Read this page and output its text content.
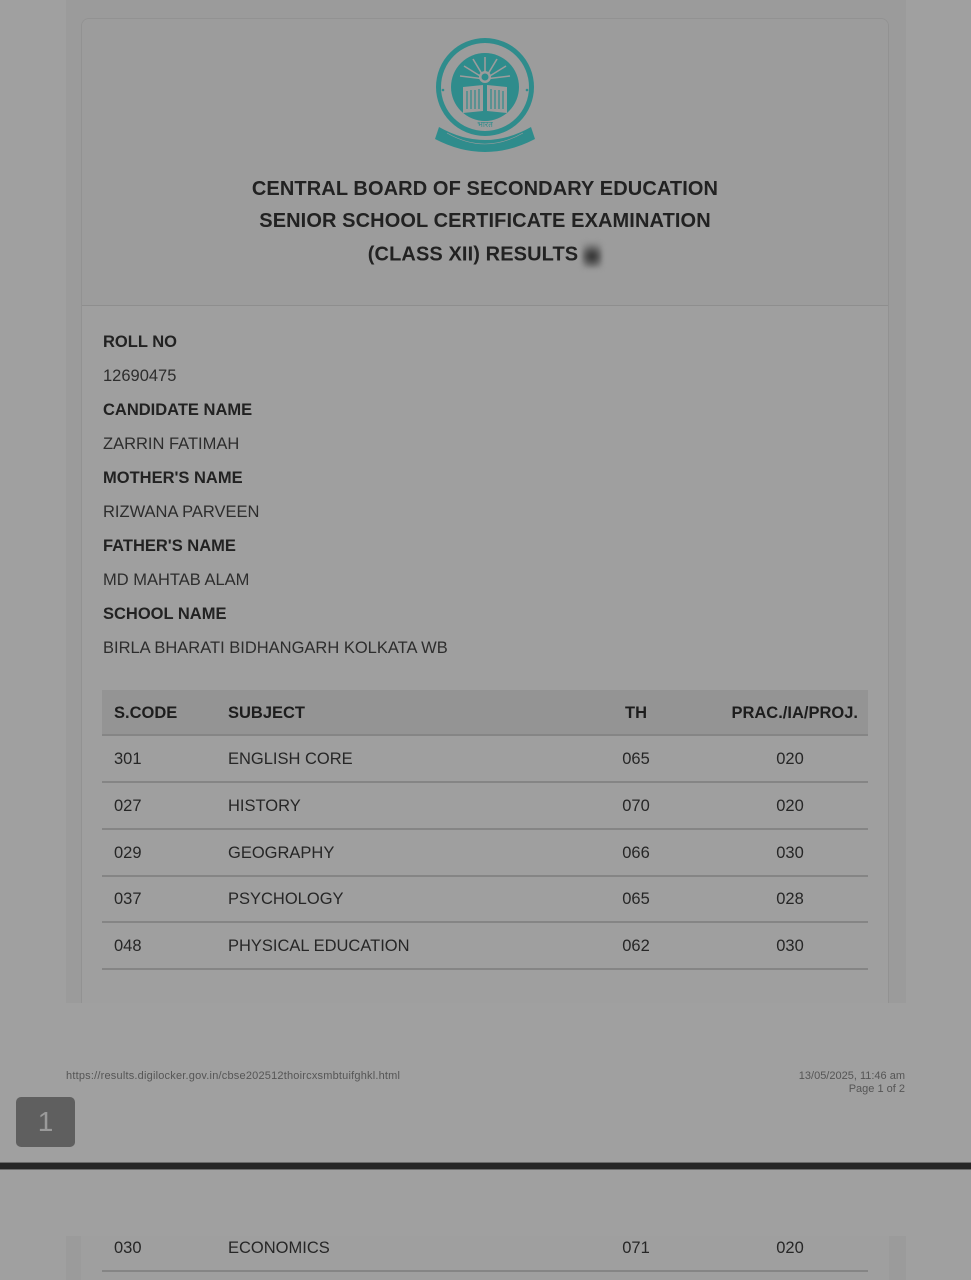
भारत
CENTRAL BOARD OF SECONDARY EDUCATION
SENIOR SCHOOL CERTIFICATE EXAMINATION
(CLASS XII) RESULTS
ROLL NO
12690475
CANDIDATE NAME
ZARRIN FATIMAH
MOTHER'S NAME
RIZWANA PARVEEN
FATHER'S NAME
MD MAHTAB ALAM
SCHOOL NAME
BIRLA BHARATI BIDHANGARH KOLKATA WB
S.CODE	SUBJECT	TH	PRAC./IA/PROJ.
301	ENGLISH CORE	065	020
027	HISTORY	070	020
029	GEOGRAPHY	066	030
037	PSYCHOLOGY	065	028
048	PHYSICAL EDUCATION	062	030
https://results.digilocker.gov.in/cbse202512thoircxsmbtuifghkl.html	13/05/2025, 11:46 am
Page 1 of 2
1
030	ECONOMICS	071	020
